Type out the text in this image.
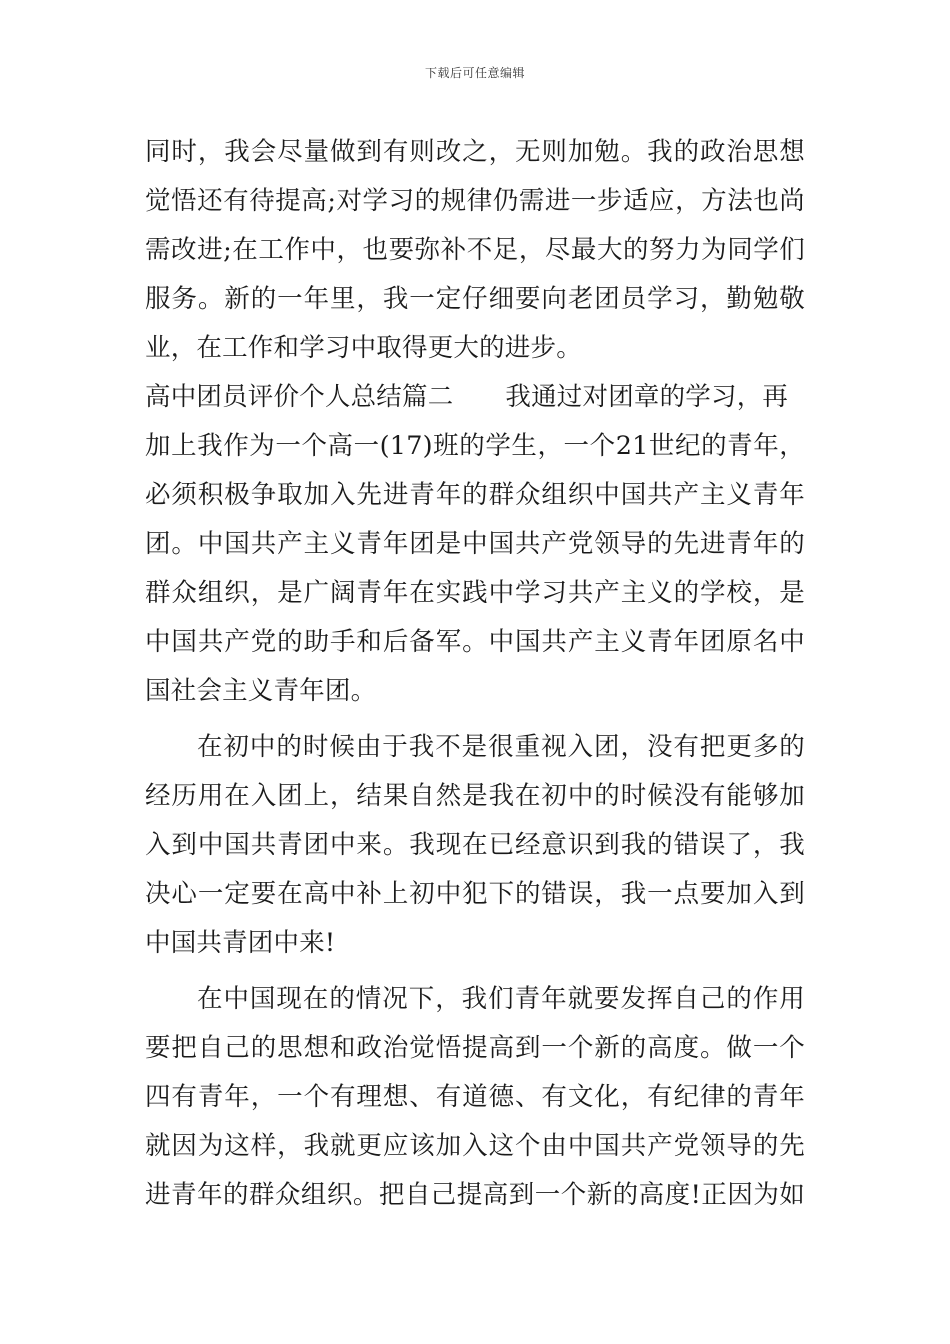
下载后可任意编辑
同时，我会尽量做到有则改之，无则加勉。我的政治思想
觉悟还有待提高;对学习的规律仍需进一步适应，方法也尚
需改进;在工作中，也要弥补不足，尽最大的努力为同学们
服务。新的一年里，我一定仔细要向老团员学习，勤勉敬
业，在工作和学习中取得更大的进步。
高中团员评价个人总结篇二 我通过对团章的学习，再
加上我作为一个高一(17)班的学生，一个21世纪的青年，
必须积极争取加入先进青年的群众组织中国共产主义青年
团。中国共产主义青年团是中国共产党领导的先进青年的
群众组织，是广阔青年在实践中学习共产主义的学校，是
中国共产党的助手和后备军。中国共产主义青年团原名中
国社会主义青年团。
在初中的时候由于我不是很重视入团，没有把更多的
经历用在入团上，结果自然是我在初中的时候没有能够加
入到中国共青团中来。我现在已经意识到我的错误了，我
决心一定要在高中补上初中犯下的错误，我一点要加入到
中国共青团中来!
在中国现在的情况下，我们青年就要发挥自己的作用
要把自己的思想和政治觉悟提高到一个新的高度。做一个
四有青年，一个有理想、有道德、有文化，有纪律的青年
就因为这样，我就更应该加入这个由中国共产党领导的先
进青年的群众组织。把自己提高到一个新的高度!正因为如
